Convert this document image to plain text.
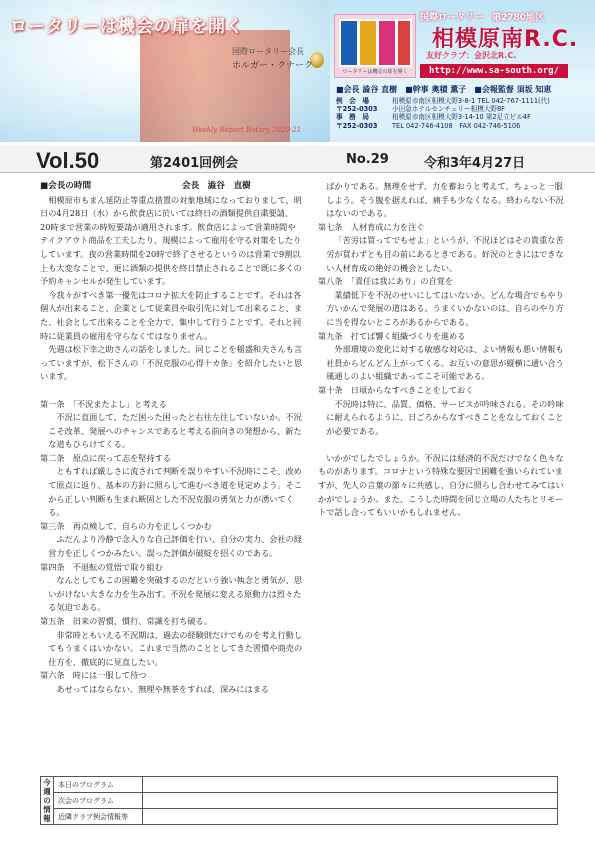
ロータリーは機会の扉を開く
国際ロータリー会長
ホルガー・クナーク
Weekly Report Rotary 2020-21
ロータリーは機会の扉を開く
国際ロータリー　第2780地区
相模原南R.C.
友好クラブ：金沢北R.C.
http://www.sa-south.org/
■会長 澁谷 直樹　■幹事 奥積 薫子　■会報監督 須坂 知恵
例　会　場	相模原市南区相模大野3-8-1 TEL 042-767-1111(代)
〒252-0303	小田急ホテルセンチュリー相模大野8F
事　務　局	相模原市南区相模大野3-14-10 第2足立ビル4F
〒252-0303	TEL 042-746-4108　FAX 042-746-5106
Vol.50	第2401回例会	No.29	令和3年4月27日
■会長の時間	会長　澁谷　直樹

相模原市もまん延防止等重点措置の対象地域になっておりまして、明日の4月28日（水）から飲食店に於いては終日の酒類提供自粛要請、20時まで営業の時短要請が適用されます。飲食店によって営業時間やテイクアウト商品を工夫したり、規模によって雇用を守る対策をしたりしています。夜の営業時間を20時で終了させるというのは営業で9割以上も大変なことで、更に酒類の提供を終日禁止されることで既に多くの予約キャンセルが発生しています。

今我々がすべき第一優先はコロナ拡大を防止することです。それは各個人が出来ること、企業として従業員や取引先に対して出来ること、また、社会として出来ることを全力で、集中して行うことです。それと同時に従業員の雇用を守らなくてはなりません。

先週は松下幸之助さんの話をしました。同じことを稲盛和夫さんも言っていますが、松下さんの「不況克服の心得十カ条」を紹介したいと思います。

第一条　「不況またよし」と考える

不況に直面して、ただ困った困ったと右往左往していないか。不況こそ改革、発展へのチャンスであると考える前向きの発想から、新たな道もひらけてくる。

第二条　原点に戻って志を堅持する

ともすれば厳しさに流されて判断を誤りやすい不況時にこそ、改めて原点に返り、基本の方針に照らして進むべき道を見定めよう。そこから正しい判断も生まれ断固とした不況克服の勇気と力が湧いてくる。

第三条　再点検して、自らの力を正しくつかむ

ふだんより冷静で念入りな自己評価を行い、自分の実力、会社の経営力を正しくつかみたい。誤った評価が破綻を招くのである。

第四条　不退転の覚悟で取り組む

なんとしてもこの困難を突破するのだという強い執念と勇気が、思いがけない大きな力を生み出す。不況を発展に変える原動力は烈々たる気迫である。

第五条　旧来の習慣、慣行、常識を打ち破る。

非常時ともいえる不況期は、過去の経験則だけでものを考え行動してもうまくはいかない。これまで当然のこととしてきた習慣や商売の仕方を、徹底的に見直したい。

第六条　時には一服して待つ

あせってはならない。無理や無茶をすれば、深みにはまる

ばかりである。無理をせず、力を蓄おうと考えて、ちょっと一服しよう。そう腹を据えれば、痛手も少なくなる。終わらない不況はないのである。

第七条　人材育成に力を注ぐ

「苦労は買ってでもせよ」というが、不況ほどはその貴重な苦労が買わずとも目の前にあるときである。好況のときにはできない人材育成の絶好の機会としたい。

第八条　「責任は我にあり」の自覚を

業績低下を不況のせいにしてはいないか。どんな場合でもやり方いかんで発展の道はある。うまくいかないのは、自らのやり方に当を得ないところがあるからである。

第九条　打てば響く組織づくりを進める

外部環境の変化に対する敏感な対応は、よい情報も悪い情報も社員からどんどん上がってくる。お互いの意思が縦横に通い合う風通しのよい組織であってこそ可能である。

第十条　日頃からなすべきことをしておく

不況時は特に、品質、価格、サービスが吟味される。その吟味に耐えられるように、日ごろからなすべきことをなしておくことが必要である。

いかがでしたでしょうか。不況には経済的不況だけでなく色々なものがあります。コロナという特殊な要因で困難を強いられていますが、先人の言葉の節々に共感し、自分に照らし合わせてみてはいかがでしょうか。また、こうした時間を同じ立場の人たちとリモートで話し合ってもいいかもしれません。

今週の情報	本日のプログラム	
	次会のプログラム	
	近隣クラブ例会情報等	
